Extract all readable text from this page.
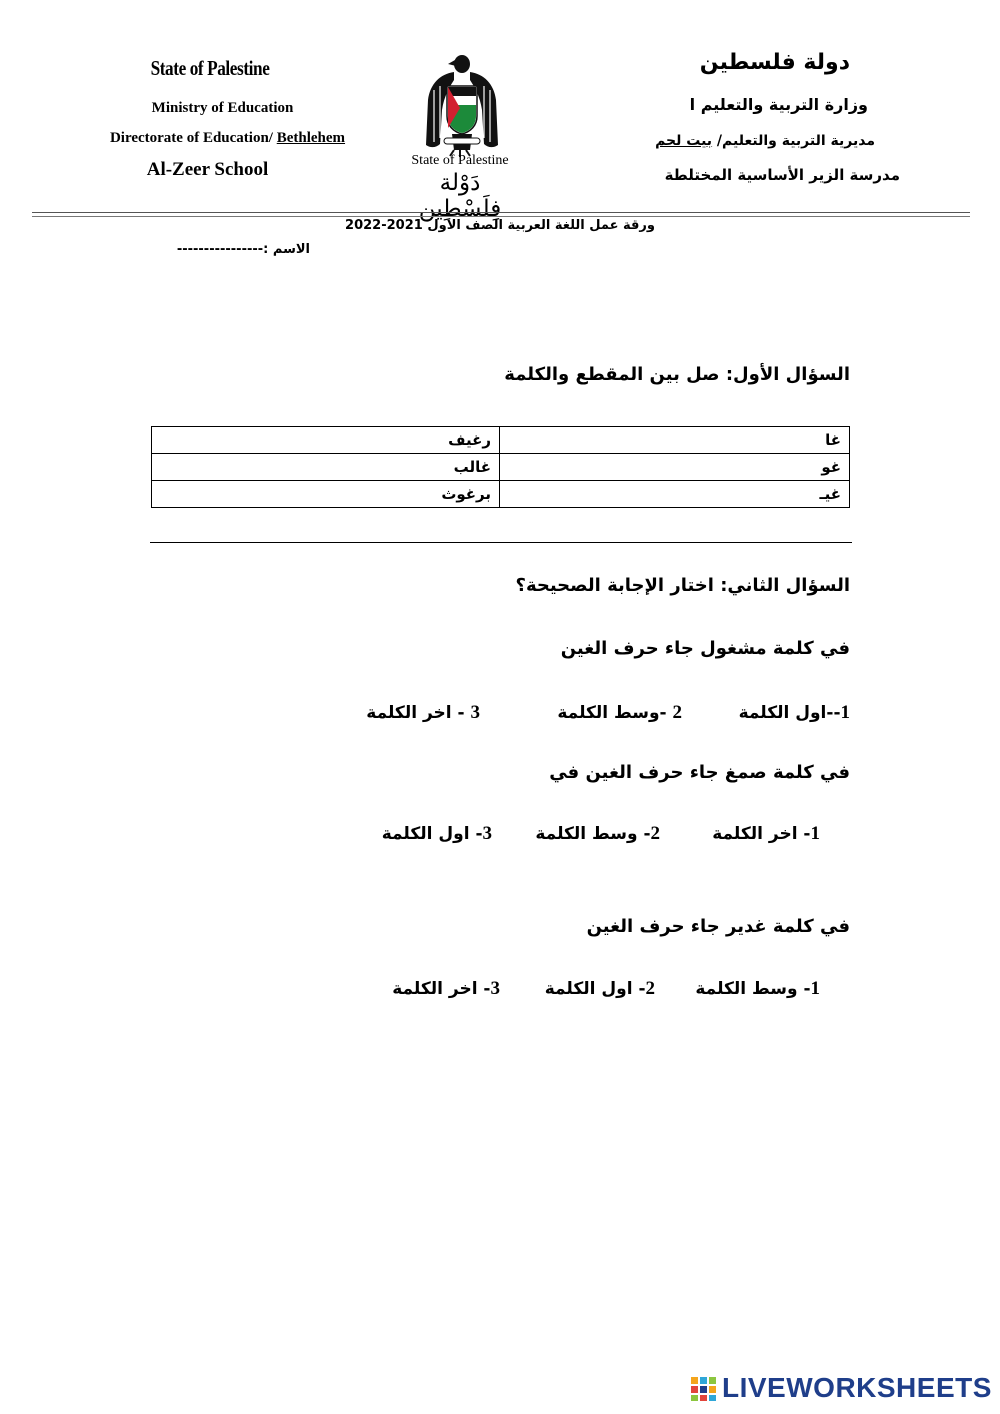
State of Palestine
Ministry of Education
Directorate of Education/ Bethlehem
Al-Zeer School	State of Palestine
دَوْلة فِلَسْطِين
دولة فلسطين
وزارة التربية والتعليم ا
مديرية التربية والتعليم/ بيت لحم
مدرسة الزير الأساسية المختلطة
ورقة عمل اللغة العربية الصف الاول 2021-2022
الاسم :----------------
السؤال الأول: صل بين المقطع والكلمة
غا	رغيف
غو	غالب
غيـ	برغوث
السؤال الثاني: اختار الإجابة الصحيحة؟
في كلمة مشغول جاء حرف الغين
1--اول الكلمة
2 -وسط الكلمة
3 - اخر الكلمة
في كلمة صمغ جاء حرف الغين في
1- اخر الكلمة
2- وسط الكلمة
3- اول الكلمة
في كلمة غدير جاء حرف الغين
1- وسط الكلمة
2- اول الكلمة
3- اخر الكلمة
LIVEWORKSHEETS
